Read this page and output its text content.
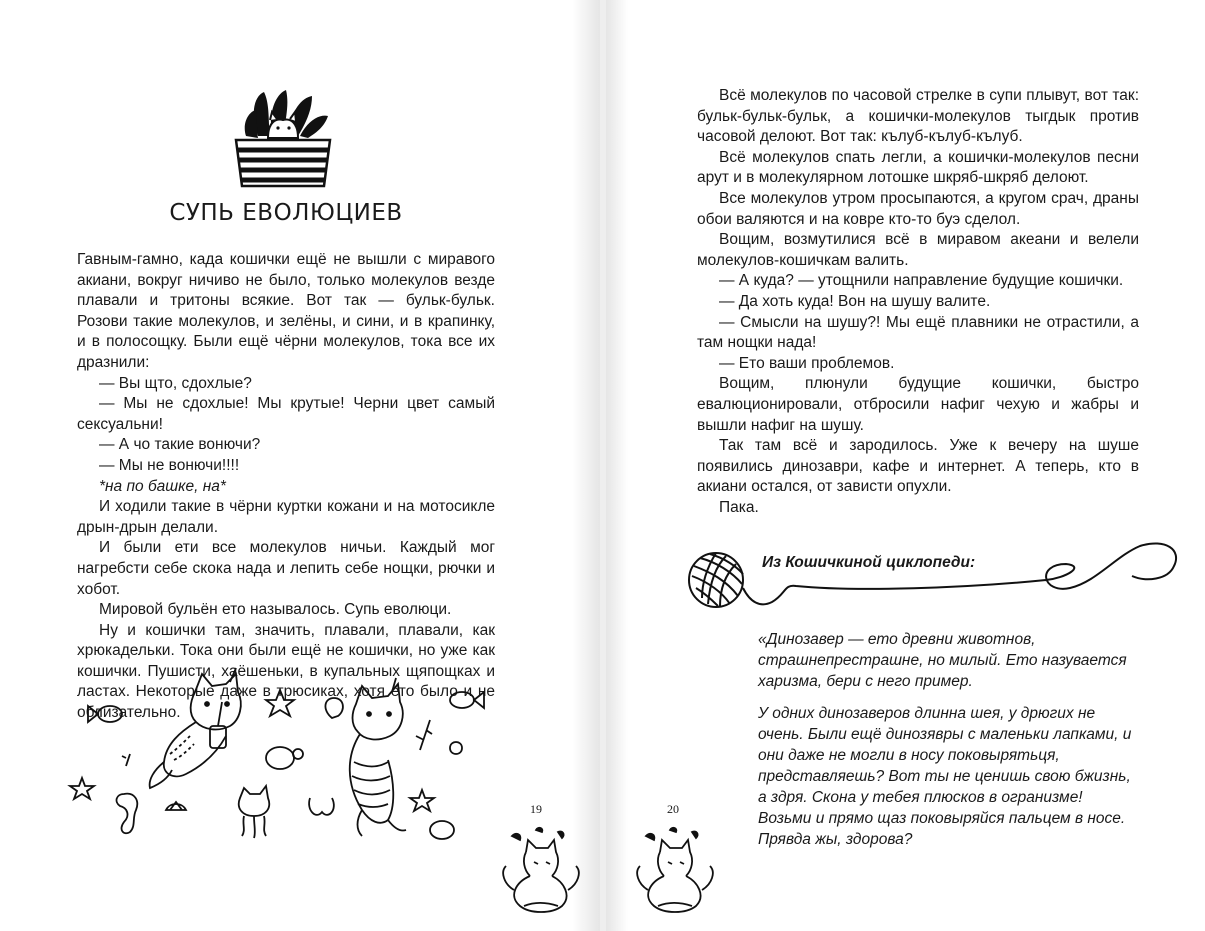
СУПЬ ЕВОЛЮЦИЕВ

Гавным-гамно, када кошички ещё не вышли с миравого акиани, вокруг ничиво не было, только молекулов везде плавали и тритоны всякие. Вот так — бульк-бульк. Розови такие молекулов, и зелёны, и сини, и в крапинку, и в полосощку. Были ещё чёрни молекулов, тока все их дразнили:

— Вы щто, сдохлые?

— Мы не сдохлые! Мы крутые! Черни цвет самый сексуальни!

— А чо такие вонючи?

— Мы не вонючи!!!!

*на по башке, на*

И ходили такие в чёрни куртки кожани и на мотосикле дрын-дрын делали.

И были ети все молекулов ничьи. Каждый мог нагребсти себе скока нада и лепить себе нощки, рючки и хобот.

Мировой бульён ето называлось. Супь еволюци.

Ну и кошички там, значить, плавали, плавали, как хрюкадельки. Тока они были ещё не кошички, но уже как кошички. Пушисти, хаёшеньки, в купальных щяпощках и ластах. Некоторые даже в трюсиках, хотя ето было и не облизательно.

19

Всё молекулов по часовой стрелке в супи плывут, вот так: бульк-бульк-бульк, а кошички-молекулов тыгдык против часовой делоют. Вот так: кълуб-кълуб-кълуб.

Всё молекулов спать легли, а кошички-молекулов песни арут и в молекулярном лотошке шкряб-шкряб делоют.

Все молекулов утром просыпаются, а кругом срач, драны обои валяются и на ковре кто-то буэ сделол.

Вощим, возмутилися всё в миравом акеани и велели молекулов-кошичкам валить.

— А куда? — утощнили направление будущие кошички.

— Да хоть куда! Вон на шушу валите.

— Смысли на шушу?! Мы ещё плавники не отрастили, а там нощки нада!

— Ето ваши проблемов.

Вощим, плюнули будущие кошички, быстро евалюционировали, отбросили нафиг чехую и жабры и вышли нафиг на шушу.

Так там всё и зародилось. Уже к вечеру на шуше появились динозаври, кафе и интернет. А теперь, кто в акиани остался, от зависти опухли.

Пака.

Из Кошичкиной циклопеди:

«Динозавер — ето древни животнов, страшнепрестрашне, но милый. Ето назувается харизма, бери с него пример.

У одних динозаверов длинна шея, у дрюгих не очень. Были ещё динозявры с маленьки лапками, и они даже не могли в носу поковырятьця, представляешь? Вот ты не ценишь свою бжизнь, а здря. Скона у тебея плюсков в огранизме! Возьми и прямо щаз поковыряйся пальцем в носе. Прявда жы, здорова?

20
